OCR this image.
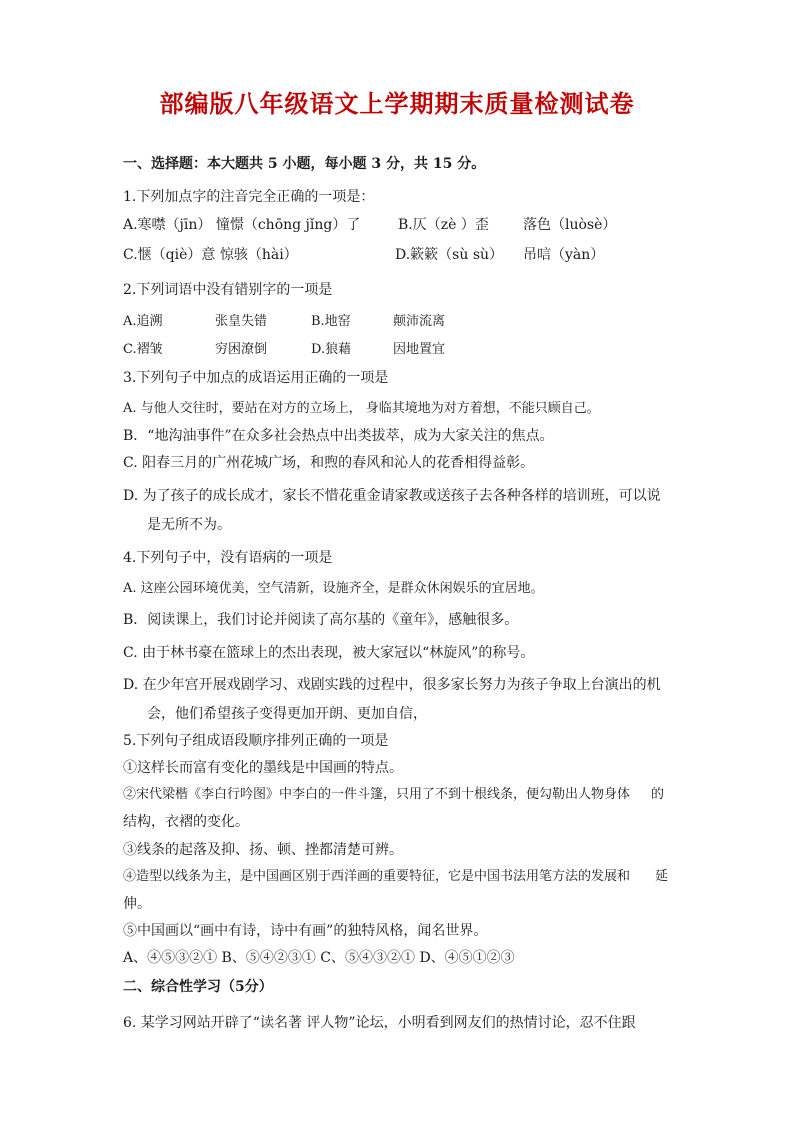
部编版八年级语文上学期期末质量检测试卷
一、选择题：本大题共 5 小题，每小题 3 分，共 15 分。
1.下列加点字的注音完全正确的一项是：
A.寒噤（jīn） 憧憬（chōng jǐng）了	B.仄（zè ）歪 落色（luòsè）
C.惬（qiè）意 惊骇（hài）	D.簌簌（sù sù） 吊唁（yàn）
2.下列词语中没有错别字的一项是
A.追溯	张皇失错	B.地窑	颠沛流离
C.褶皱	穷困潦倒	D.狼藉	因地置宜
3.下列句子中加点的成语运用正确的一项是
A. 与他人交往时，要站在对方的立场上， 身临其境地为对方着想，不能只顾自己。
B．“地沟油事件”在众多社会热点中出类拔萃，成为大家关注的焦点。
C. 阳春三月的广州花城广场，和煦的春风和沁人的花香相得益彰。
D. 为了孩子的成长成才，家长不惜花重金请家教或送孩子去各种各样的培训班，可以说
是无所不为。
4.下列句子中，没有语病的一项是
A. 这座公园环境优美，空气清新，设施齐全，是群众休闲娱乐的宜居地。
B．阅读课上，我们讨论并阅读了高尔基的《童年》，感触很多。
C. 由于林书豪在篮球上的杰出表现，被大家冠以“林旋风”的称号。
D. 在少年宫开展戏剧学习、戏剧实践的过程中，很多家长努力为孩子争取上台演出的机
会，他们希望孩子变得更加开朗、更加自信，
5.下列句子组成语段顺序排列正确的一项是
①这样长而富有变化的墨线是中国画的特点。
②宋代梁楷《李白行吟图》中李白的一件斗篷，只用了不到十根线条，便勾勒出人物身体 的
结构，衣褶的变化。
③线条的起落及抑、扬、顿、挫都清楚可辨。
④造型以线条为主，是中国画区别于西洋画的重要特征，它是中国书法用笔方法的发展和 延
伸。
⑤中国画以“画中有诗，诗中有画”的独特风格，闻名世界。
A、④⑤③②① B、⑤④②③① C、⑤④③②① D、④⑤①②③
二、综合性学习（5分）
6. 某学习网站开辟了“读名著 评人物”论坛，小明看到网友们的热情讨论，忍不住跟
